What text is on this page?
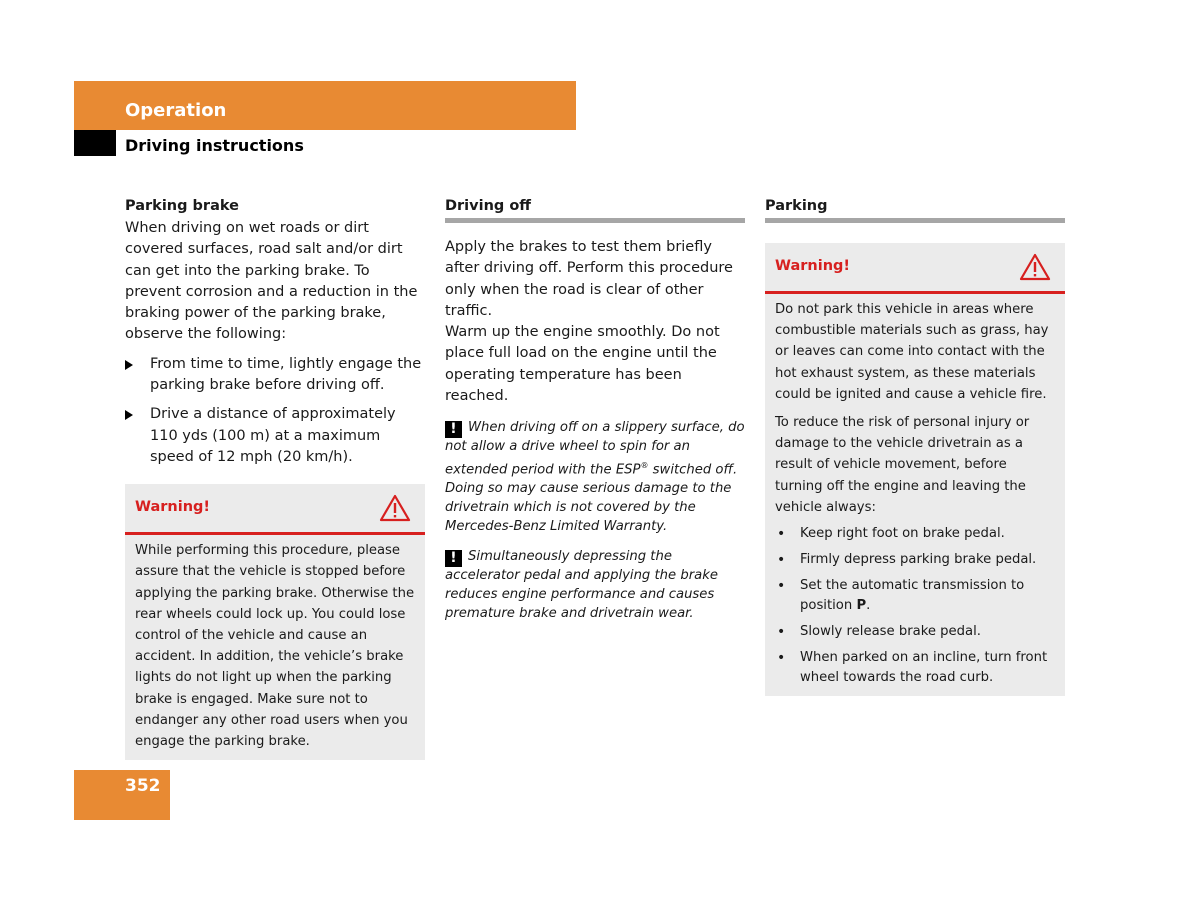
Operation
Driving instructions
Parking brake

When driving on wet roads or dirt covered surfaces, road salt and/or dirt can get into the parking brake. To prevent corrosion and a reduction in the braking power of the parking brake, observe the following:

From time to time, lightly engage the parking brake before driving off.
Drive a distance of approximately 110 yds (100 m) at a maximum speed of 12 mph (20 km/h).
Warning!

While performing this procedure, please assure that the vehicle is stopped before applying the parking brake. Otherwise the rear wheels could lock up. You could lose control of the vehicle and cause an accident. In addition, the vehicle’s brake lights do not light up when the parking brake is engaged. Make sure not to endanger any other road users when you engage the parking brake.

Driving off

Apply the brakes to test them briefly after driving off. Perform this procedure only when the road is clear of other traffic.

Warm up the engine smoothly. Do not place full load on the engine until the operating temperature has been reached.

! When driving off on a slippery surface, do not allow a drive wheel to spin for an extended period with the ESP® switched off. Doing so may cause serious damage to the drivetrain which is not covered by the Mercedes-Benz Limited Warranty.

! Simultaneously depressing the accelerator pedal and applying the brake reduces engine performance and causes premature brake and drivetrain wear.

Parking
Warning!

Do not park this vehicle in areas where combustible materials such as grass, hay or leaves can come into contact with the hot exhaust system, as these materials could be ignited and cause a vehicle fire.

To reduce the risk of personal injury or damage to the vehicle drivetrain as a result of vehicle movement, before turning off the engine and leaving the vehicle always:

• Keep right foot on brake pedal.
• Firmly depress parking brake pedal.
• Set the automatic transmission to position P.
• Slowly release brake pedal.
• When parked on an incline, turn front wheel towards the road curb.
352
